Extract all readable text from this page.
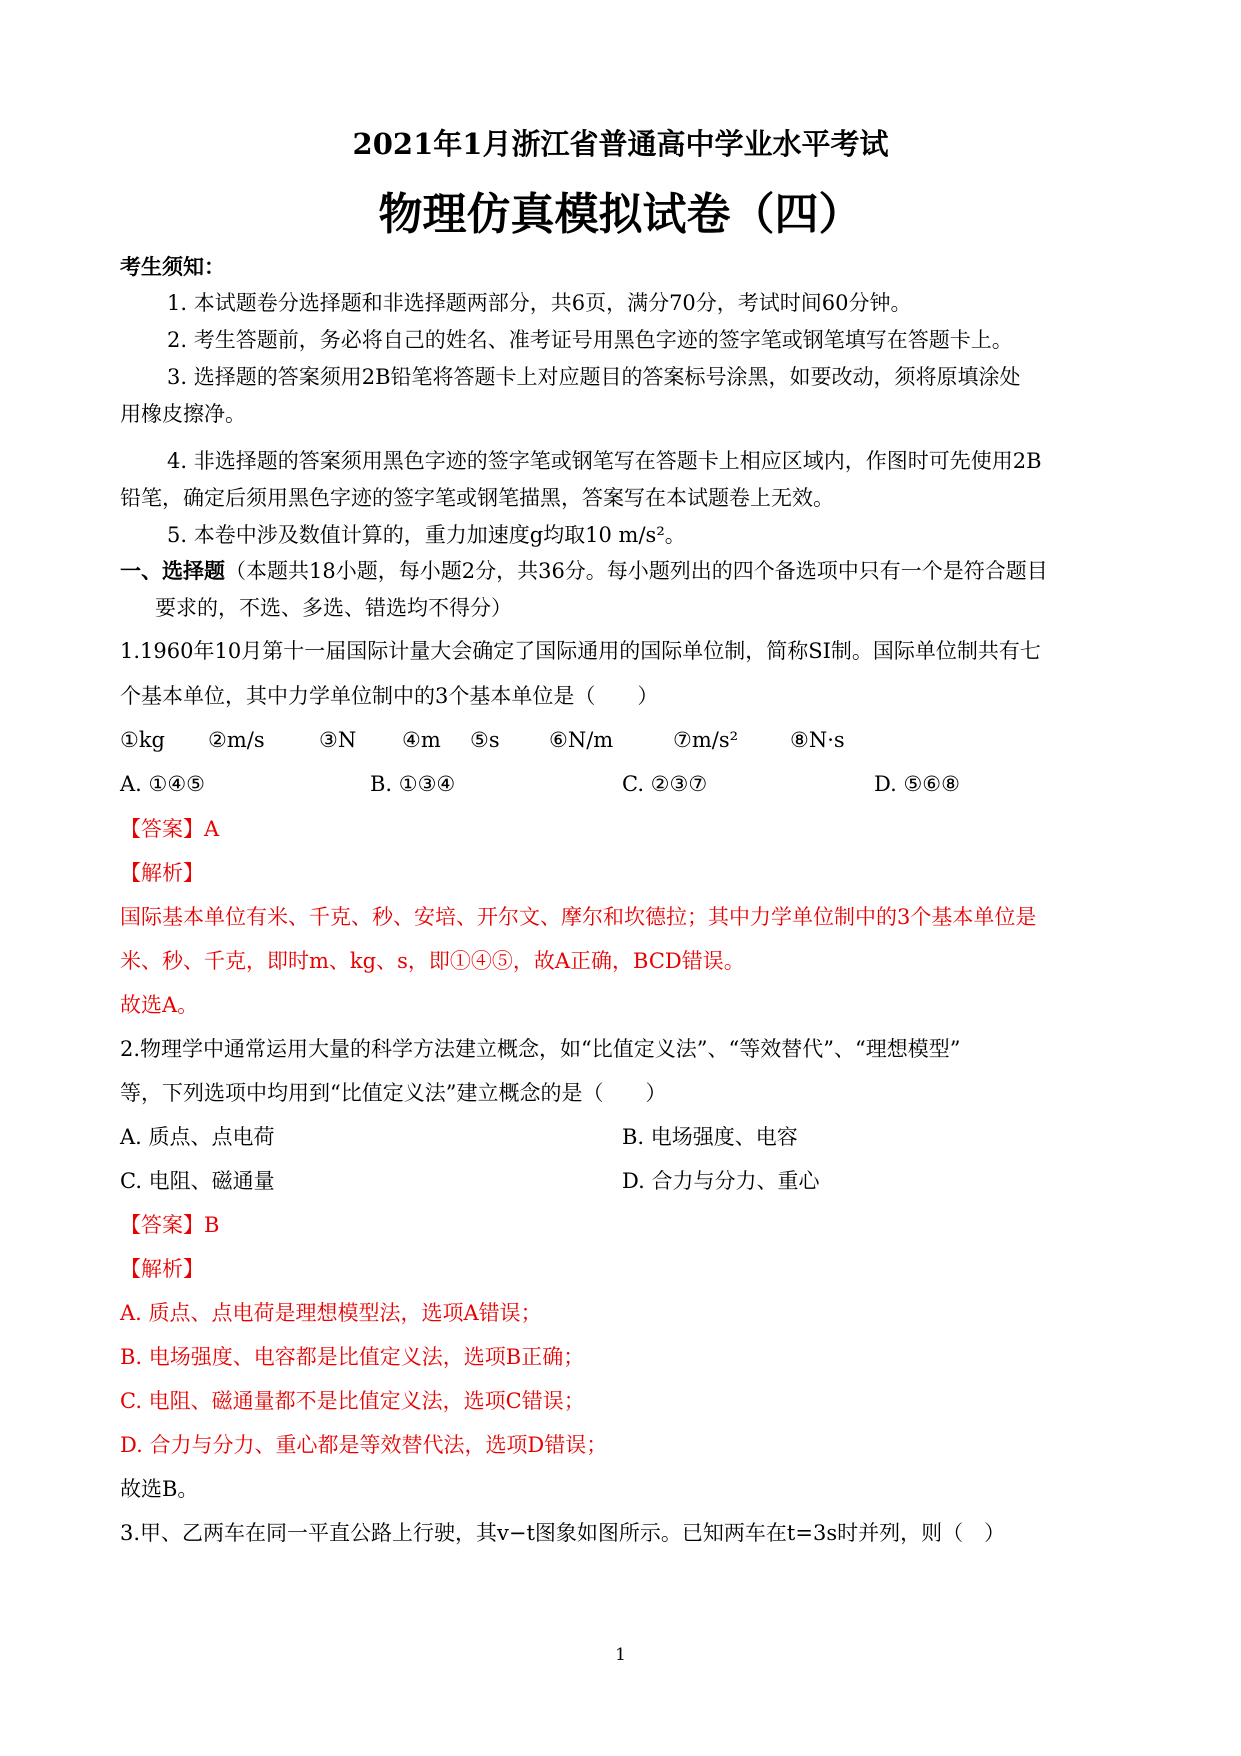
2021年1月浙江省普通高中学业水平考试
物理仿真模拟试卷（四）
考生须知：
1. 本试题卷分选择题和非选择题两部分，共6页，满分70分，考试时间60分钟。
2. 考生答题前，务必将自己的姓名、准考证号用黑色字迹的签字笔或钢笔填写在答题卡上。
3. 选择题的答案须用2B铅笔将答题卡上对应题目的答案标号涂黑，如要改动，须将原填涂处
用橡皮擦净。
4. 非选择题的答案须用黑色字迹的签字笔或钢笔写在答题卡上相应区域内，作图时可先使用2B
铅笔，确定后须用黑色字迹的签字笔或钢笔描黑，答案写在本试题卷上无效。
5. 本卷中涉及数值计算的，重力加速度g均取10 m/s²。
一、选择题（本题共18小题，每小题2分，共36分。每小题列出的四个备选项中只有一个是符合题目
要求的，不选、多选、错选均不得分）
1.1960年10月第十一届国际计量大会确定了国际通用的国际单位制，简称SI制。国际单位制共有七
个基本单位，其中力学单位制中的3个基本单位是（　　）
①kg ②m/s	③N ④m ⑤s ⑥N/m	⑦m/s² ⑧N·s
A. ①④⑤	B. ①③④	C. ②③⑦	D. ⑤⑥⑧
【答案】A
【解析】
国际基本单位有米、千克、秒、安培、开尔文、摩尔和坎德拉；其中力学单位制中的3个基本单位是
米、秒、千克，即时m、kg、s，即①④⑤，故A正确，BCD错误。
故选A。
2.物理学中通常运用大量的科学方法建立概念，如“比值定义法”、“等效替代”、“理想模型”
等，下列选项中均用到“比值定义法”建立概念的是（　　）
A. 质点、点电荷	B. 电场强度、电容
C. 电阻、磁通量	D. 合力与分力、重心
【答案】B
【解析】
A. 质点、点电荷是理想模型法，选项A错误；
B. 电场强度、电容都是比值定义法，选项B正确；
C. 电阻、磁通量都不是比值定义法，选项C错误；
D. 合力与分力、重心都是等效替代法，选项D错误；
故选B。
3.甲、乙两车在同一平直公路上行驶，其v−t图象如图所示。已知两车在t=3s时并列，则（　）
1
